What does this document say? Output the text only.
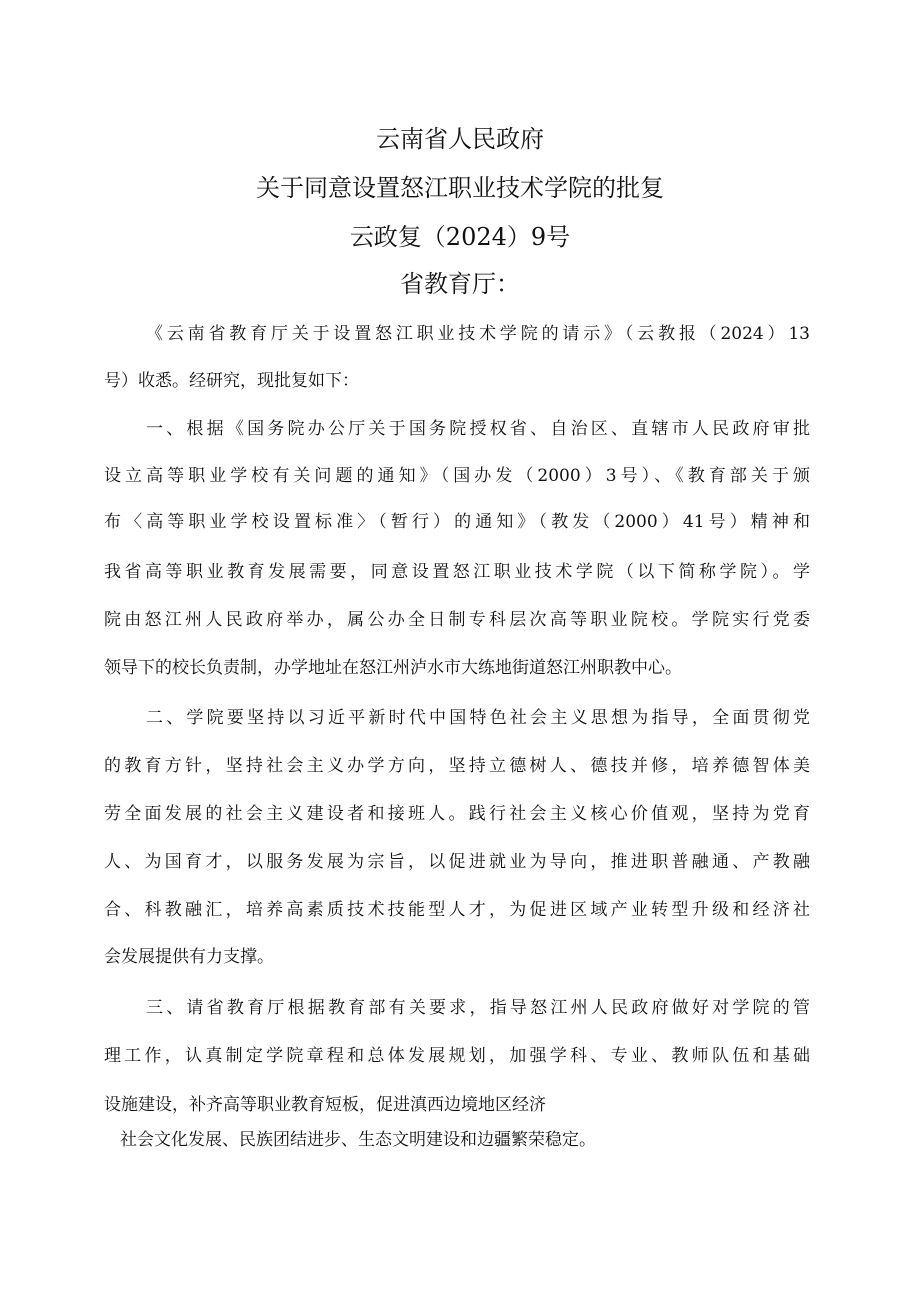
云南省人民政府
关于同意设置怒江职业技术学院的批复
云政复（2024）9号
省教育厅：
《云南省教育厅关于设置怒江职业技术学院的请示》（云教报（2024）13
号）收悉。经研究，现批复如下：
一、根据《国务院办公厅关于国务院授权省、自治区、直辖市人民政府审批
设立高等职业学校有关问题的通知》（国办发（2000）3号）、《教育部关于颁
布〈高等职业学校设置标准〉（暂行）的通知》（教发（2000）41号）精神和
我省高等职业教育发展需要，同意设置怒江职业技术学院（以下简称学院）。学
院由怒江州人民政府举办，属公办全日制专科层次高等职业院校。学院实行党委
领导下的校长负责制，办学地址在怒江州泸水市大练地街道怒江州职教中心。
二、学院要坚持以习近平新时代中国特色社会主义思想为指导，全面贯彻党
的教育方针，坚持社会主义办学方向，坚持立德树人、德技并修，培养德智体美
劳全面发展的社会主义建设者和接班人。践行社会主义核心价值观，坚持为党育
人、为国育才，以服务发展为宗旨，以促进就业为导向，推进职普融通、产教融
合、科教融汇，培养高素质技术技能型人才，为促进区域产业转型升级和经济社
会发展提供有力支撑。
三、请省教育厅根据教育部有关要求，指导怒江州人民政府做好对学院的管
理工作，认真制定学院章程和总体发展规划，加强学科、专业、教师队伍和基础
设施建设，补齐高等职业教育短板，促进滇西边境地区经济
社会文化发展、民族团结进步、生态文明建设和边疆繁荣稳定。
